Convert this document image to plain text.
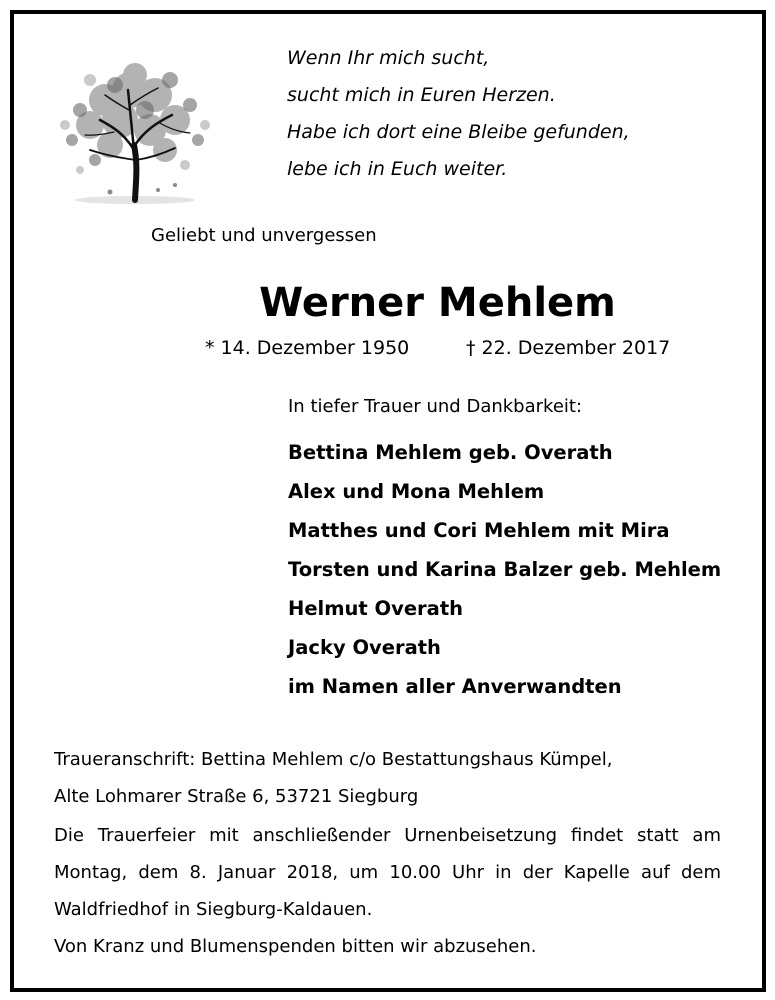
Wenn Ihr mich sucht,
sucht mich in Euren Herzen.
Habe ich dort eine Bleibe gefunden,
lebe ich in Euch weiter.
Geliebt und unvergessen
Werner Mehlem
* 14. Dezember 1950	† 22. Dezember 2017
In tiefer Trauer und Dankbarkeit:
Bettina Mehlem geb. Overath
Alex und Mona Mehlem
Matthes und Cori Mehlem mit Mira
Torsten und Karina Balzer geb. Mehlem
Helmut Overath
Jacky Overath
im Namen aller Anverwandten
Traueranschrift: Bettina Mehlem c/o Bestattungshaus Kümpel,
Alte Lohmarer Straße 6, 53721 Siegburg
Die Trauerfeier mit anschließender Urnenbeisetzung findet statt am
Montag, dem 8. Januar 2018, um 10.00 Uhr in der Kapelle auf dem
Waldfriedhof in Siegburg-Kaldauen.
Von Kranz und Blumenspenden bitten wir abzusehen.
